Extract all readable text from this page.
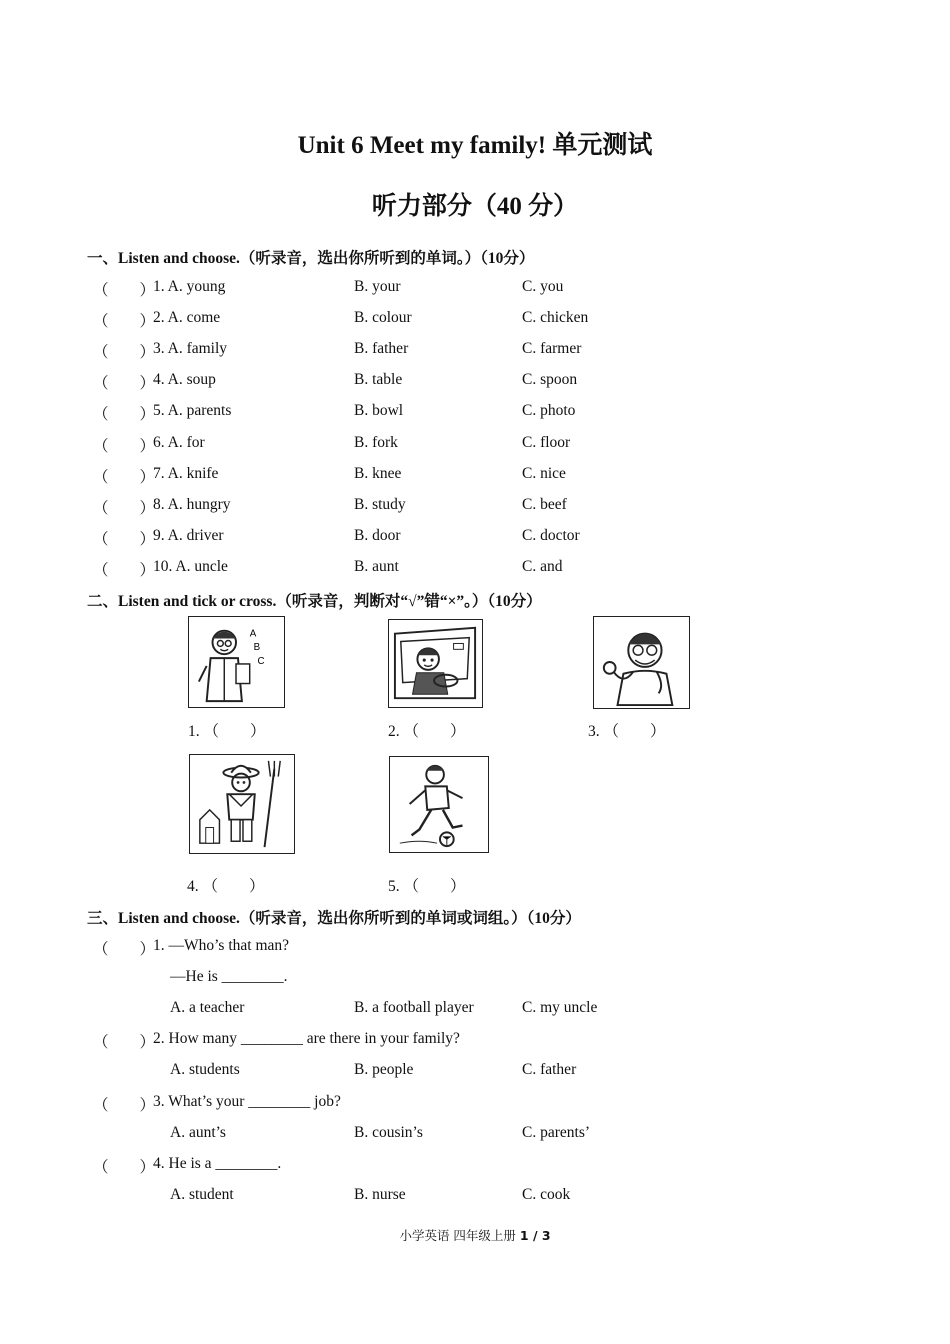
Unit 6 Meet my family! 单元测试
听力部分（40 分）
一、Listen and choose.（听录音，选出你所听到的单词。）（10分）
（　　）
1. A. young	B. your	C. you
（　　）
2. A. come	B. colour	C. chicken
（　　）
3. A. family	B. father	C. farmer
（　　）
4. A. soup	B. table	C. spoon
（　　）
5. A. parents	B. bowl	C. photo
（　　）
6. A. for	B. fork	C. floor
（　　）
7. A. knife	B. knee	C. nice
（　　）
8. A. hungry	B. study	C. beef
（　　）
9. A. driver	B. door	C. doctor
（　　）
10. A. uncle	B. aunt	C. and
二、Listen and tick or cross.（听录音，判断对“√”错“×”。）（10分）
A
B
C
1. （　　）	2. （　　）	3. （　　）
4. （　　）	5. （　　）
三、Listen and choose.（听录音，选出你所听到的单词或词组。）（10分）
（　　）
1. —Who’s that man?
—He is ________.
A. a teacher	B. a football player	C. my uncle
（　　）
2. How many ________ are there in your family?
A. students	B. people	C. father
（　　）
3. What’s your ________ job?
A. aunt’s	B. cousin’s	C. parents’
（　　）
4. He is a ________.
A. student	B. nurse	C. cook
小学英语 四年级上册 1 / 3
